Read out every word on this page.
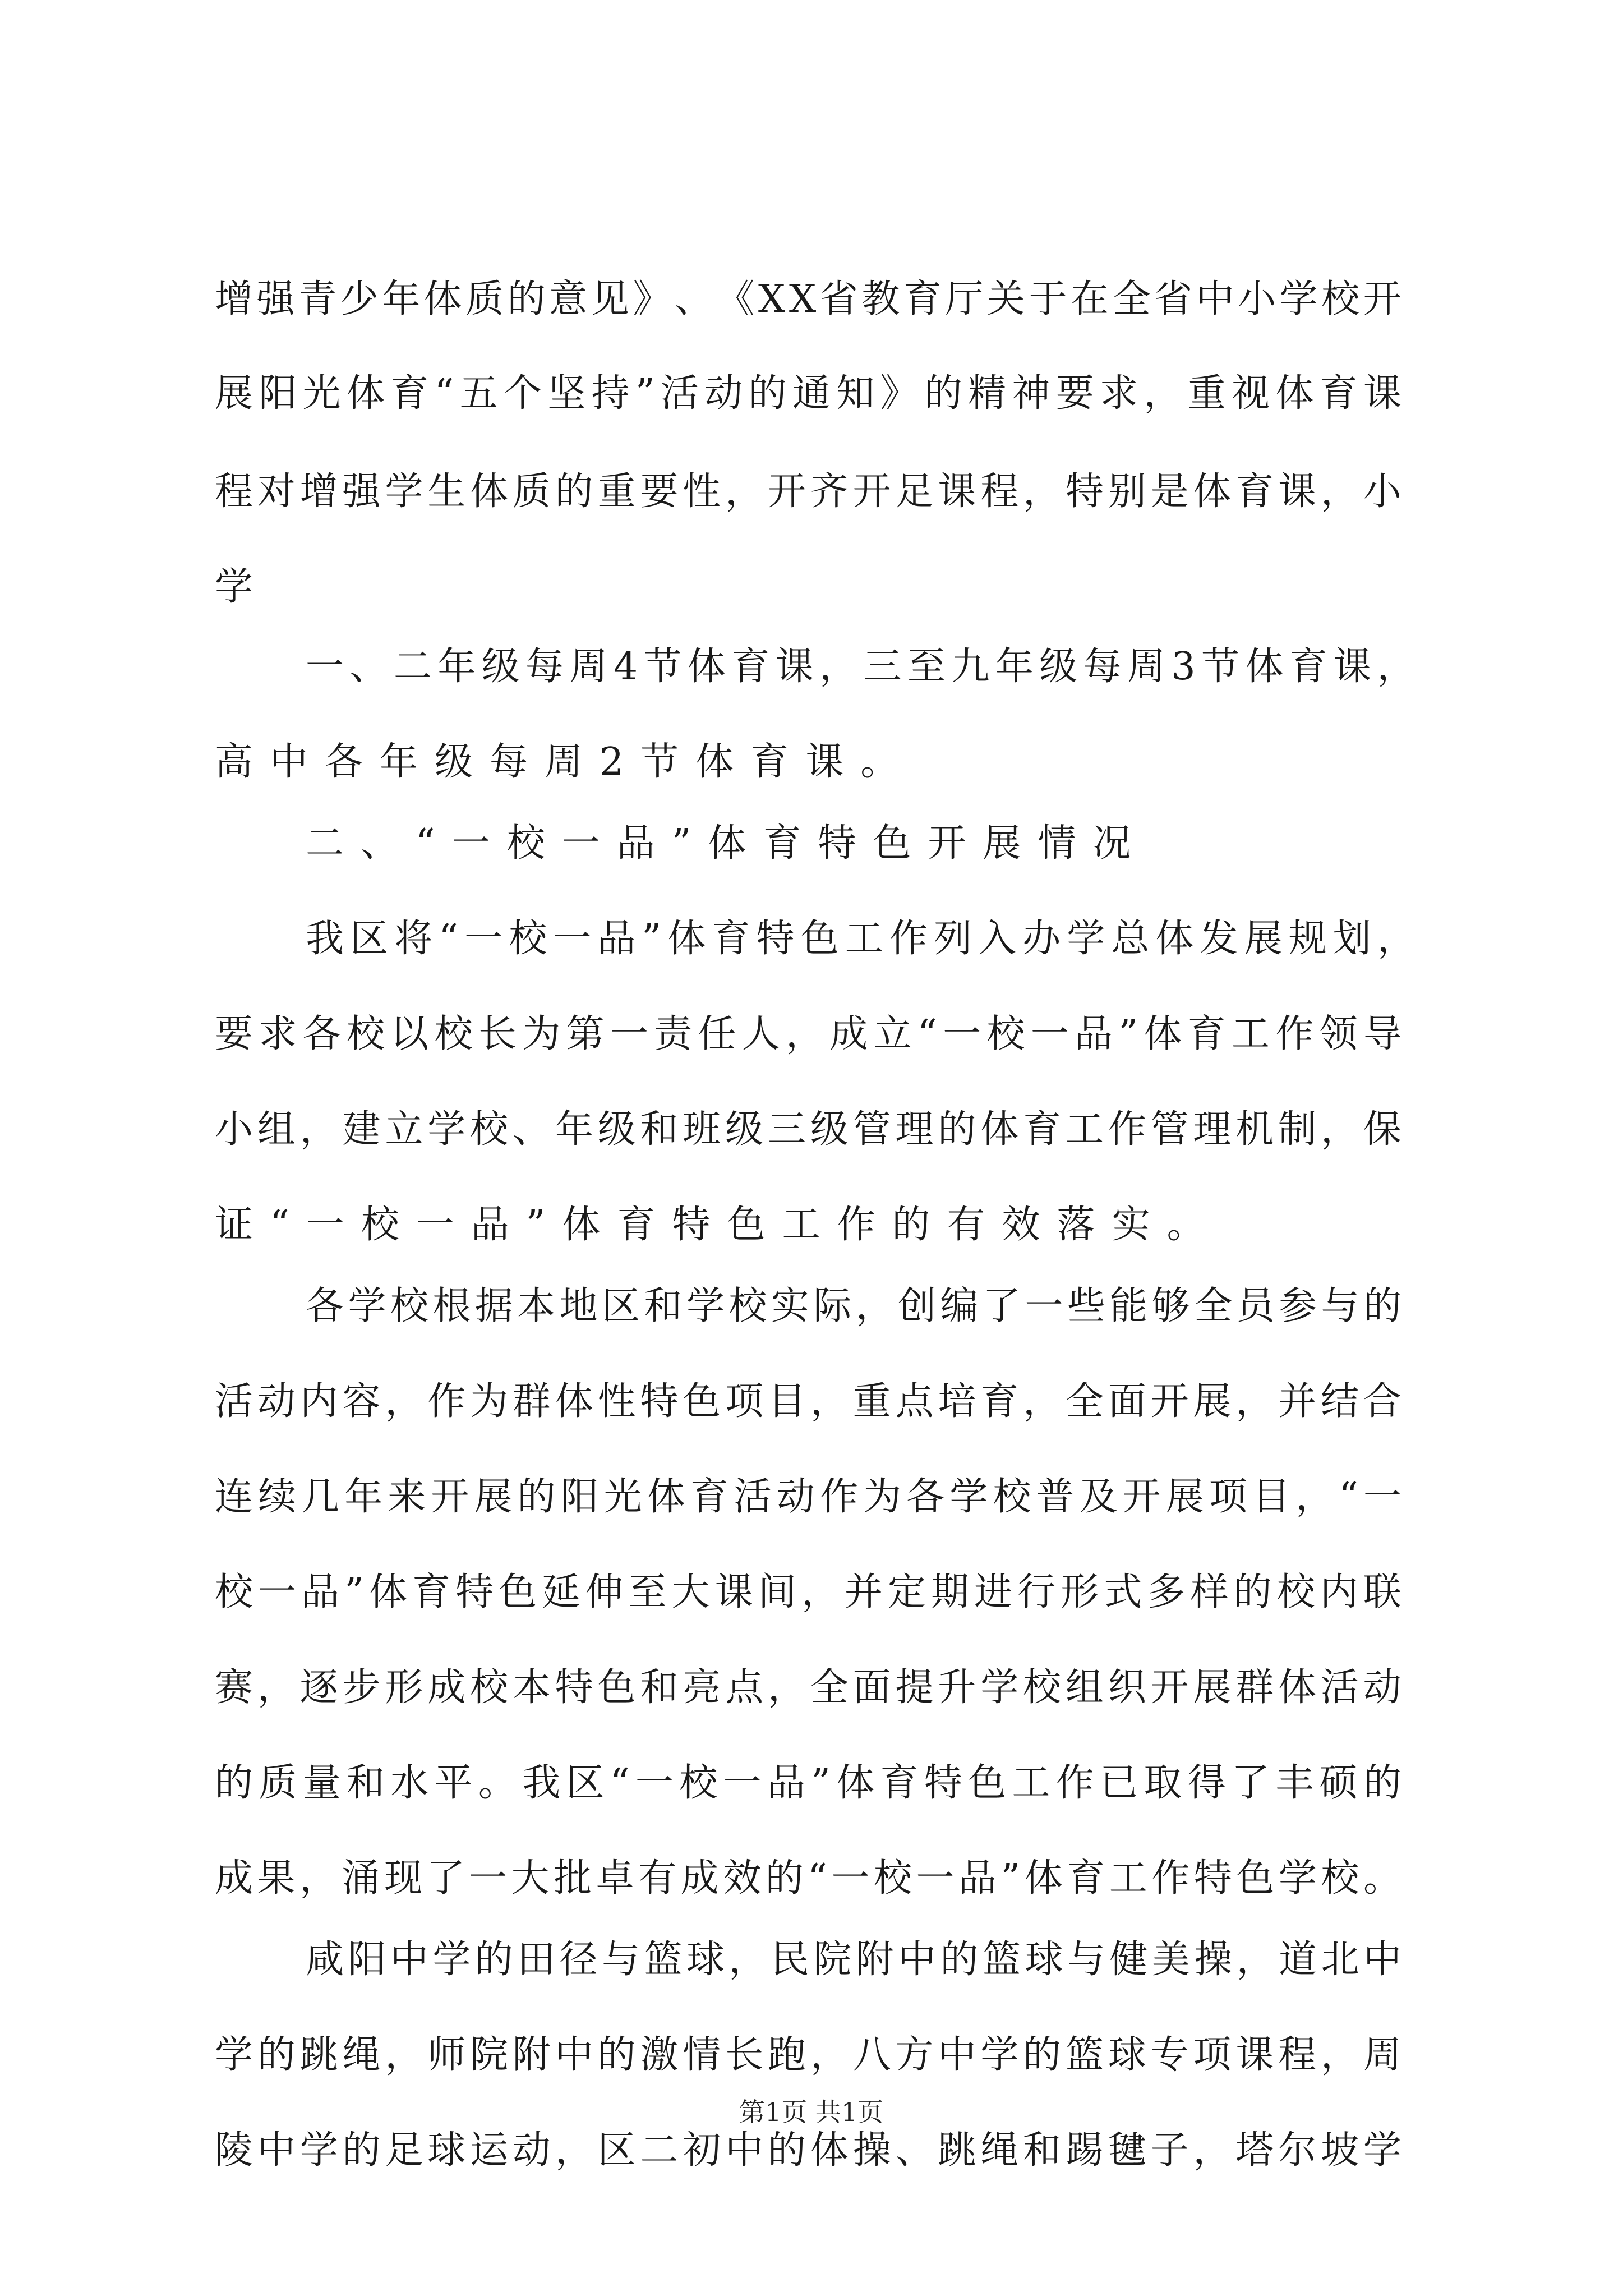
增 强 青 少 年 体 质 的 意 见 》 、 《 X X 省 教 育 厅 关 于 在 全 省 中 小 学 校 开
展 阳 光 体 育 “ 五 个 坚 持 ” 活 动 的 通 知 》 的 精 神 要 求 ， 重 视 体 育 课
程 对 增 强 学 生 体 质 的 重 要 性 ， 开 齐 开 足 课 程 ， 特 别 是 体 育 课 ， 小
学
一 、 二 年 级 每 周 4 节 体 育 课 ， 三 至 九 年 级 每 周 3 节 体 育 课 ，
高中各年级每周2节体育课。
二、“一校一品”体育特色开展情况
我 区 将 “ 一 校 一 品 ” 体 育 特 色 工 作 列 入 办 学 总 体 发 展 规 划 ，
要 求 各 校 以 校 长 为 第 一 责 任 人 ， 成 立 “ 一 校 一 品 ” 体 育 工 作 领 导
小 组 ， 建 立 学 校 、 年 级 和 班 级 三 级 管 理 的 体 育 工 作 管 理 机 制 ， 保
证“一校一品”体育特色工作的有效落实。
各 学 校 根 据 本 地 区 和 学 校 实 际 ， 创 编 了 一 些 能 够 全 员 参 与 的
活 动 内 容 ， 作 为 群 体 性 特 色 项 目 ， 重 点 培 育 ， 全 面 开 展 ， 并 结 合
连 续 几 年 来 开 展 的 阳 光 体 育 活 动 作 为 各 学 校 普 及 开 展 项 目 ， “ 一
校 一 品 ” 体 育 特 色 延 伸 至 大 课 间 ， 并 定 期 进 行 形 式 多 样 的 校 内 联
赛 ， 逐 步 形 成 校 本 特 色 和 亮 点 ， 全 面 提 升 学 校 组 织 开 展 群 体 活 动
的 质 量 和 水 平 。 我 区 “ 一 校 一 品 ” 体 育 特 色 工 作 已 取 得 了 丰 硕 的
成 果 ， 涌 现 了 一 大 批 卓 有 成 效 的 “ 一 校 一 品 ” 体 育 工 作 特 色 学 校 。
咸 阳 中 学 的 田 径 与 篮 球 ， 民 院 附 中 的 篮 球 与 健 美 操 ， 道 北 中
学 的 跳 绳 ， 师 院 附 中 的 激 情 长 跑 ， 八 方 中 学 的 篮 球 专 项 课 程 ， 周
陵 中 学 的 足 球 运 动 ， 区 二 初 中 的 体 操 、 跳 绳 和 踢 毽 子 ， 塔 尔 坡 学
第1页 共1页
